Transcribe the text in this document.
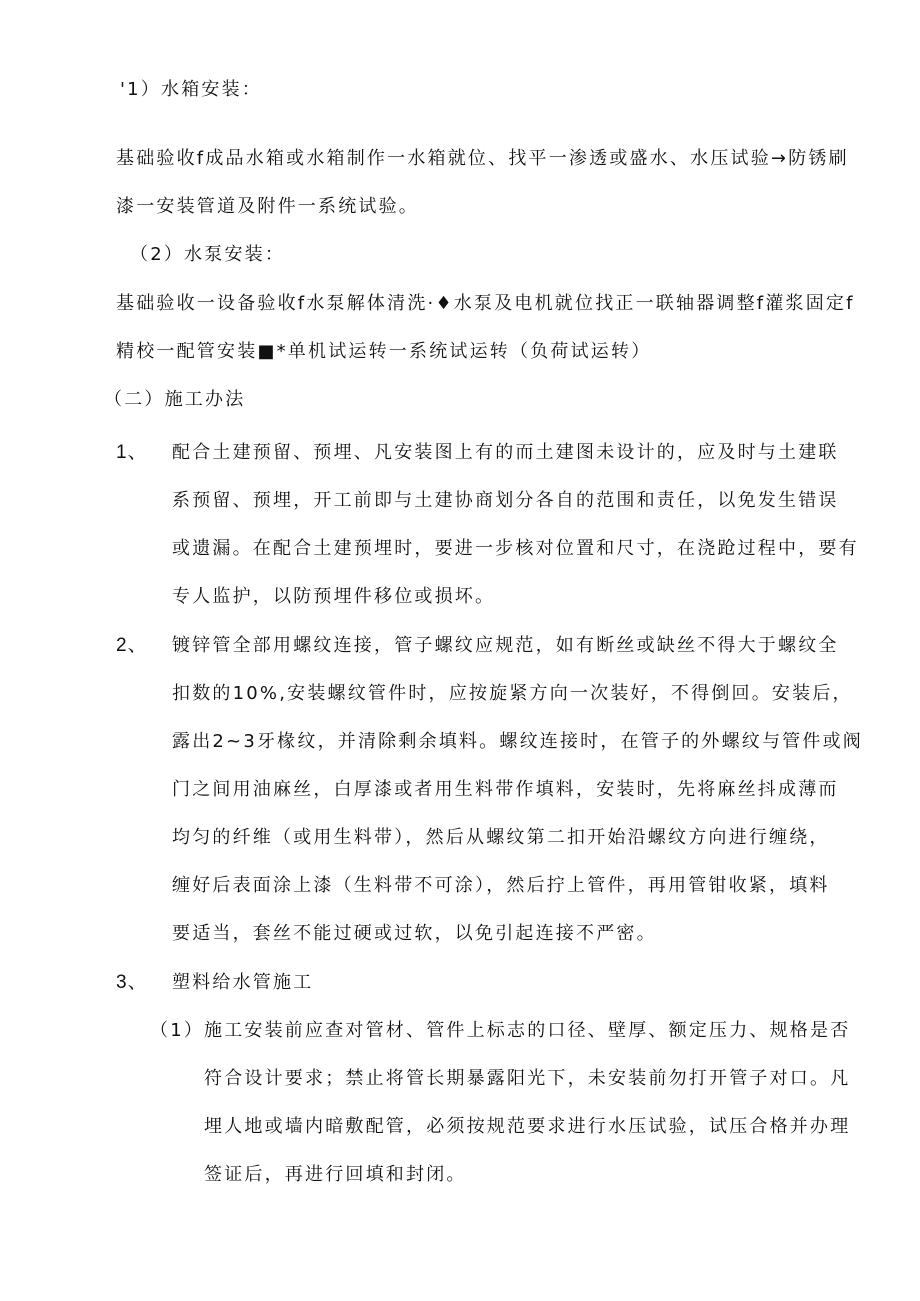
'1）水箱安装：
基础验收f成品水箱或水箱制作一水箱就位、找平一渗透或盛水、水压试验→防锈刷
漆一安装管道及附件一系统试验。
（2）水泵安装：
基础验收一设备验收f水泵解体清洗·♦水泵及电机就位找正一联轴器调整f灌浆固定f
精校一配管安装■*单机试运转一系统试运转（负荷试运转）
（二）施工办法
1、 配合土建预留、预埋、凡安装图上有的而土建图未设计的，应及时与土建联
系预留、预埋，开工前即与土建协商划分各自的范围和责任，以免发生错误
或遗漏。在配合土建预埋时，要进一步核对位置和尺寸，在浇跄过程中，要有
专人监护，以防预埋件移位或损坏。
2、 镀锌管全部用螺纹连接，管子螺纹应规范，如有断丝或缺丝不得大于螺纹全
扣数的10%,安装螺纹管件时，应按旋紧方向一次装好，不得倒回。安装后，
露出2~3牙椽纹，并清除剩余填料。螺纹连接时，在管子的外螺纹与管件或阀
门之间用油麻丝，白厚漆或者用生料带作填料，安装时，先将麻丝抖成薄而
均匀的纤维（或用生料带），然后从螺纹第二扣开始沿螺纹方向进行缠绕，
缠好后表面涂上漆（生料带不可涂），然后拧上管件，再用管钳收紧，填料
要适当，套丝不能过硬或过软，以免引起连接不严密。
3、 塑料给水管施工
（1） 施工安装前应查对管材、管件上标志的口径、壁厚、额定压力、规格是否
符合设计要求；禁止将管长期暴露阳光下，未安装前勿打开管子对口。凡
埋人地或墙内暗敷配管，必须按规范要求进行水压试验，试压合格并办理
签证后，再进行回填和封闭。
